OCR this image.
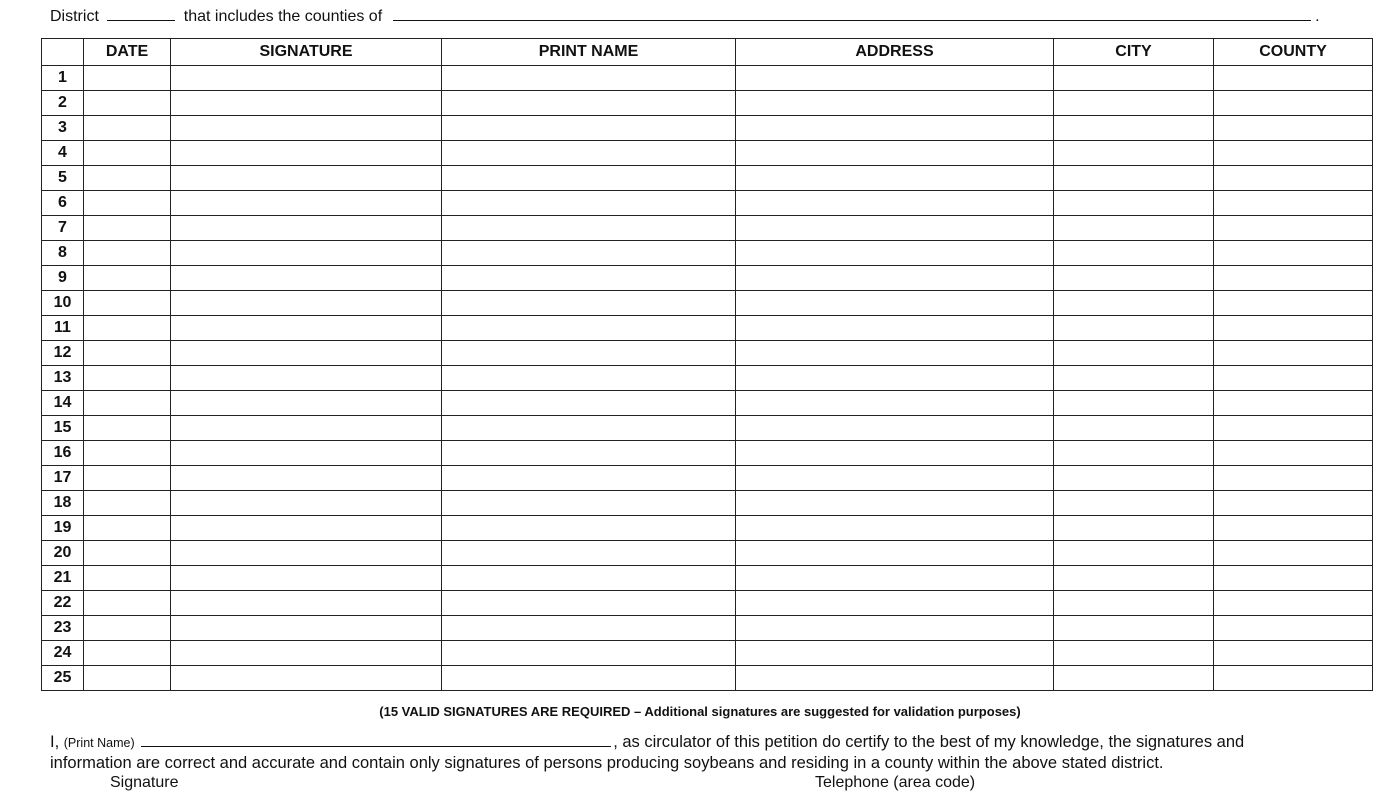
District	that includes the counties of	.
	DATE	SIGNATURE	PRINT NAME	ADDRESS	CITY	COUNTY
1						
2						
3						
4						
5						
6						
7						
8						
9						
10						
11						
12						
13						
14						
15						
16						
17						
18						
19						
20						
21						
22						
23						
24						
25						
(15 VALID SIGNATURES ARE REQUIRED – Additional signatures are suggested for validation purposes)
I, (Print Name)	, as circulator of this petition do certify to the best of my knowledge, the signatures and
information are correct and accurate and contain only signatures of persons producing soybeans and residing in a county within the above stated district.
Signature	Telephone (area code)
